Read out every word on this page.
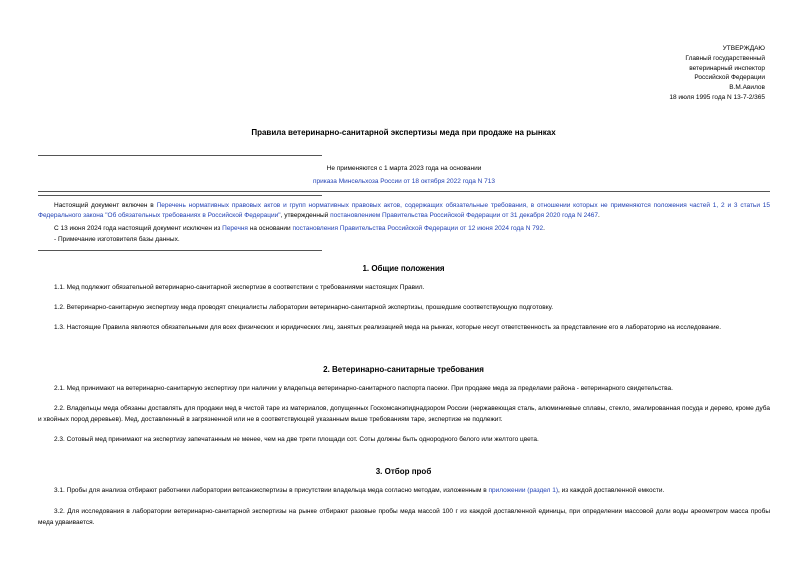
УТВЕРЖДАЮ
Главный государственный
ветеринарный инспектор
Российской Федерации
В.М.Авилов
18 июля 1995 года N 13-7-2/365
Правила ветеринарно-санитарной экспертизы меда при продаже на рынках
Не применяются с 1 марта 2023 года на основании
приказа Минсельхоза России от 18 октября 2022 года N 713
Настоящий документ включен в Перечень нормативных правовых актов и групп нормативных правовых актов, содержащих обязательные требования, в отношении которых не применяются положения частей 1, 2 и 3 статьи 15 Федерального закона "Об обязательных требованиях в Российской Федерации", утвержденный постановлением Правительства Российской Федерации от 31 декабря 2020 года N 2467.
С 13 июня 2024 года настоящий документ исключен из Перечня на основании постановления Правительства Российской Федерации от 12 июня 2024 года N 792.
- Примечание изготовителя базы данных.
1. Общие положения
1.1. Мед подлежит обязательной ветеринарно-санитарной экспертизе в соответствии с требованиями настоящих Правил.
1.2. Ветеринарно-санитарную экспертизу меда проводят специалисты лаборатории ветеринарно-санитарной экспертизы, прошедшие соответствующую подготовку.
1.3. Настоящие Правила являются обязательными для всех физических и юридических лиц, занятых реализацией меда на рынках, которые несут ответственность за представление его в лабораторию на исследование.
2. Ветеринарно-санитарные требования
2.1. Мед принимают на ветеринарно-санитарную экспертизу при наличии у владельца ветеринарно-санитарного паспорта пасеки. При продаже меда за пределами района - ветеринарного свидетельства.
2.2. Владельцы меда обязаны доставлять для продажи мед в чистой таре из материалов, допущенных Госкомсанэпиднадзором России (нержавеющая сталь, алюминиевые сплавы, стекло, эмалированная посуда и дерево, кроме дуба и хвойных пород деревьев). Мед, доставленный в загрязненной или не в соответствующей указанным выше требованиям таре, экспертизе не подлежит.
2.3. Сотовый мед принимают на экспертизу запечатанным не менее, чем на две трети площади сот. Соты должны быть однородного белого или желтого цвета.
3. Отбор проб
3.1. Пробы для анализа отбирают работники лаборатории ветсанэкспертизы в присутствии владельца меда согласно методам, изложенным в приложении (раздел 1), из каждой доставленной емкости.
3.2. Для исследования в лаборатории ветеринарно-санитарной экспертизы на рынке отбирают разовые пробы меда массой 100 г из каждой доставленной единицы, при определении массовой доли воды ареометром масса пробы меда удваивается.
